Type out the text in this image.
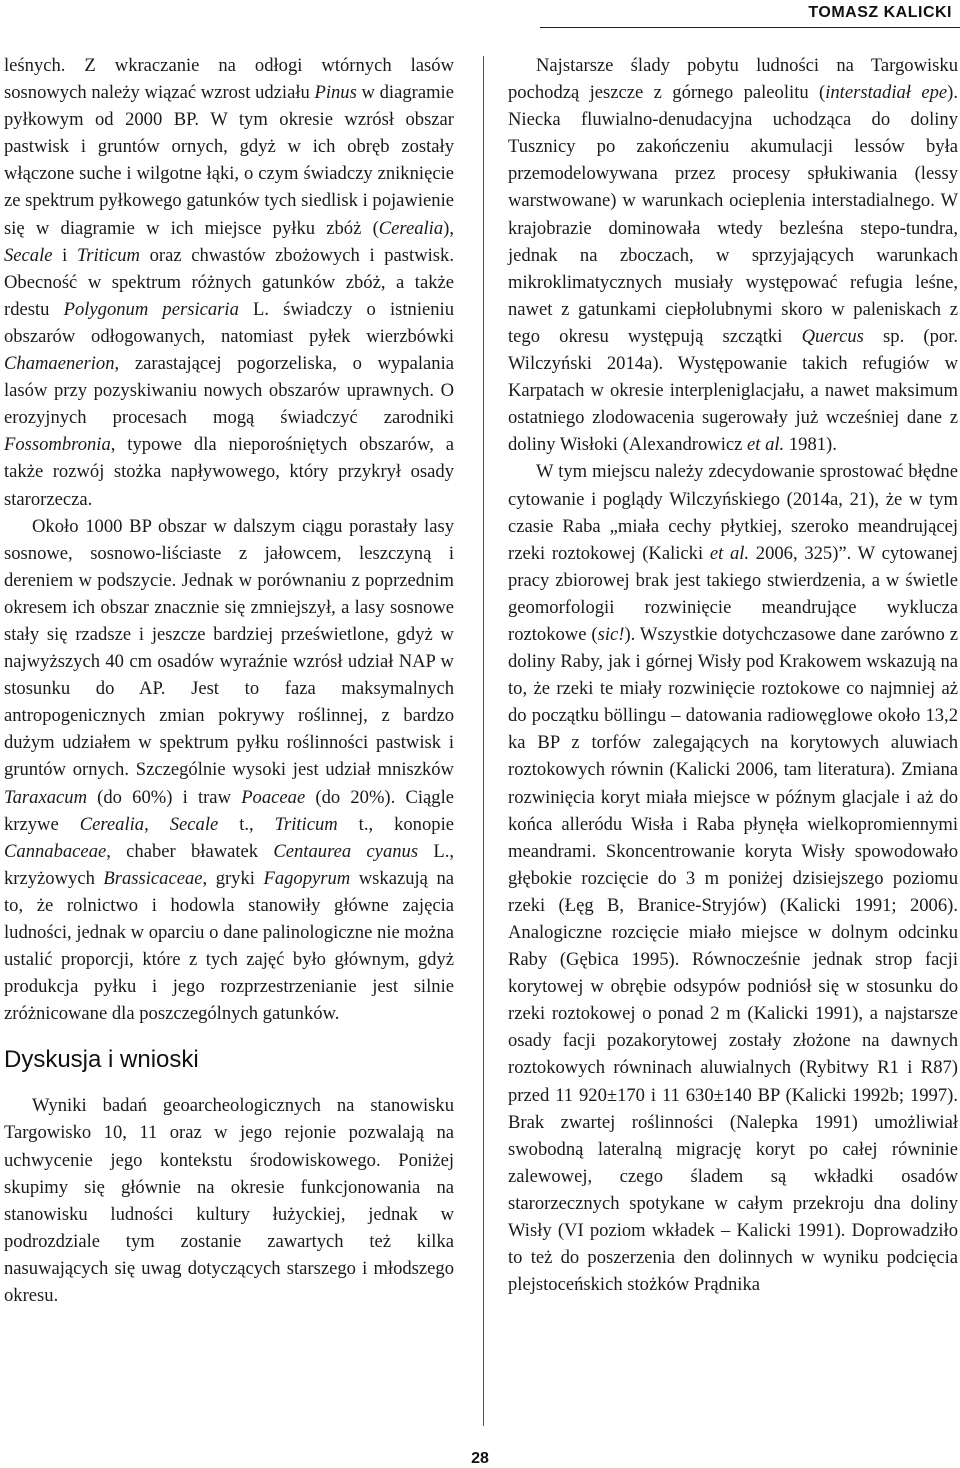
TOMASZ KALICKI

leśnych. Z wkraczanie na odłogi wtórnych lasów sosnowych należy wiązać wzrost udziału Pinus w diagramie pyłkowym od 2000 BP. W tym okresie wzrósł obszar pastwisk i gruntów ornych, gdyż w ich obręb zostały włączone suche i wilgotne łąki, o czym świadczy zniknięcie ze spektrum pyłkowego gatunków tych siedlisk i pojawienie się w diagramie w ich miejsce pyłku zbóż (Cerealia), Secale i Triticum oraz chwastów zbożowych i pastwisk. Obecność w spektrum różnych gatunków zbóż, a także rdestu Polygonum persicaria L. świadczy o istnieniu obszarów odłogowanych, natomiast pyłek wierzbówki Chamaenerion, zarastającej pogorzeliska, o wypalania lasów przy pozyskiwaniu nowych obszarów uprawnych. O erozyjnych procesach mogą świadczyć zarodniki Fossombronia, typowe dla nieporośniętych obszarów, a także rozwój stożka napływowego, który przykrył osady starorzecza.

Około 1000 BP obszar w dalszym ciągu porastały lasy sosnowe, sosnowo-liściaste z jałowcem, leszczyną i dereniem w podszycie. Jednak w porównaniu z poprzednim okresem ich obszar znacznie się zmniejszył, a lasy sosnowe stały się rzadsze i jeszcze bardziej prześwietlone, gdyż w najwyższych 40 cm osadów wyraźnie wzrósł udział NAP w stosunku do AP. Jest to faza maksymalnych antropogenicznych zmian pokrywy roślinnej, z bardzo dużym udziałem w spektrum pyłku roślinności pastwisk i gruntów ornych. Szczególnie wysoki jest udział mniszków Taraxacum (do 60%) i traw Poaceae (do 20%). Ciągle krzywe Cerealia, Secale t., Triticum t., konopie Cannabaceae, chaber bławatek Centaurea cyanus L., krzyżowych Brassicaceae, gryki Fagopyrum wskazują na to, że rolnictwo i hodowla stanowiły główne zajęcia ludności, jednak w oparciu o dane palinologiczne nie można ustalić proporcji, które z tych zajęć było głównym, gdyż produkcja pyłku i jego rozprzestrzenianie jest silnie zróżnicowane dla poszczególnych gatunków.

Dyskusja i wnioski

Wyniki badań geoarcheologicznych na stanowisku Targowisko 10, 11 oraz w jego rejonie pozwalają na uchwycenie jego kontekstu środowiskowego. Poniżej skupimy się głównie na okresie funkcjonowania na stanowisku ludności kultury łużyckiej, jednak w podrozdziale tym zostanie zawartych też kilka nasuwających się uwag dotyczących starszego i młodszego okresu.

Najstarsze ślady pobytu ludności na Targowisku pochodzą jeszcze z górnego paleolitu (interstadiał epe). Niecka fluwialno-denudacyjna uchodząca do doliny Tusznicy po zakończeniu akumulacji lessów była przemodelowywana przez procesy spłukiwania (lessy warstwowane) w warunkach ocieplenia interstadialnego. W krajobrazie dominowała wtedy bezleśna stepo-tundra, jednak na zboczach, w sprzyjających warunkach mikroklimatycznych musiały występować refugia leśne, nawet z gatunkami ciepłolubnymi skoro w paleniskach z tego okresu występują szczątki Quercus sp. (por. Wilczyński 2014a). Występowanie takich refugiów w Karpatach w okresie interpleniglacjału, a nawet maksimum ostatniego zlodowacenia sugerowały już wcześniej dane z doliny Wisłoki (Alexandrowicz et al. 1981).

W tym miejscu należy zdecydowanie sprostować błędne cytowanie i poglądy Wilczyńskiego (2014a, 21), że w tym czasie Raba „miała cechy płytkiej, szeroko meandrującej rzeki roztokowej (Kalicki et al. 2006, 325)”. W cytowanej pracy zbiorowej brak jest takiego stwierdzenia, a w świetle geomorfologii rozwinięcie meandrujące wyklucza roztokowe (sic!). Wszystkie dotychczasowe dane zarówno z doliny Raby, jak i górnej Wisły pod Krakowem wskazują na to, że rzeki te miały rozwinięcie roztokowe co najmniej aż do początku böllingu – datowania radiowęglowe około 13,2 ka BP z torfów zalegających na korytowych aluwiach roztokowych równin (Kalicki 2006, tam literatura). Zmiana rozwinięcia koryt miała miejsce w późnym glacjale i aż do końca alleródu Wisła i Raba płynęła wielkopromiennymi meandrami. Skoncentrowanie koryta Wisły spowodowało głębokie rozcięcie do 3 m poniżej dzisiejszego poziomu rzeki (Łęg B, Branice-Stryjów) (Kalicki 1991; 2006). Analogiczne rozcięcie miało miejsce w dolnym odcinku Raby (Gębica 1995). Równocześnie jednak strop facji korytowej w obrębie odsypów podniósł się w stosunku do rzeki roztokowej o ponad 2 m (Kalicki 1991), a najstarsze osady facji pozakorytowej zostały złożone na dawnych roztokowych równinach aluwialnych (Rybitwy R1 i R87) przed 11 920±170 i 11 630±140 BP (Kalicki 1992b; 1997). Brak zwartej roślinności (Nalepka 1991) umożliwiał swobodną lateralną migrację koryt po całej równinie zalewowej, czego śladem są wkładki osadów starorzecznych spotykane w całym przekroju dna doliny Wisły (VI poziom wkładek – Kalicki 1991). Doprowadziło to też do poszerzenia den dolinnych w wyniku podcięcia plejstoceńskich stożków Prądnika

28
